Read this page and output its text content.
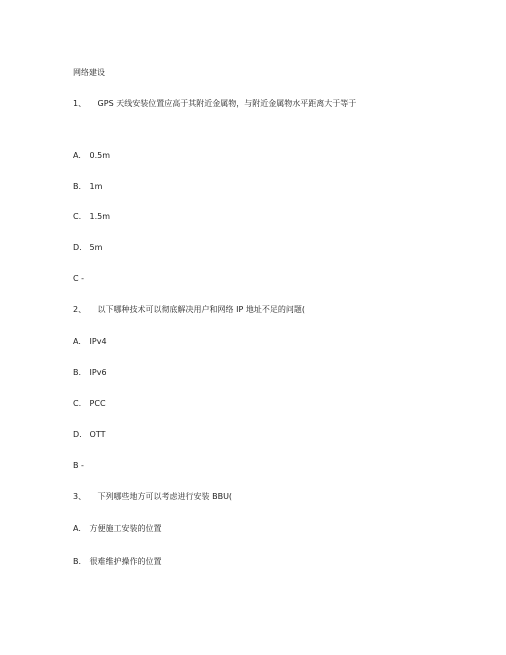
网络建设
1、 GPS 天线安装位置应高于其附近金属物，与附近金属物水平距离大于等于
A. 0.5m
B. 1m
C. 1.5m
D. 5m
C -
2、 以下哪种技术可以彻底解决用户和网络 IP 地址不足的问题(
A. IPv4
B. IPv6
C. PCC
D. OTT
B -
3、 下列哪些地方可以考虑进行安装 BBU(
A. 方便施工安装的位置
B. 很难维护操作的位置
